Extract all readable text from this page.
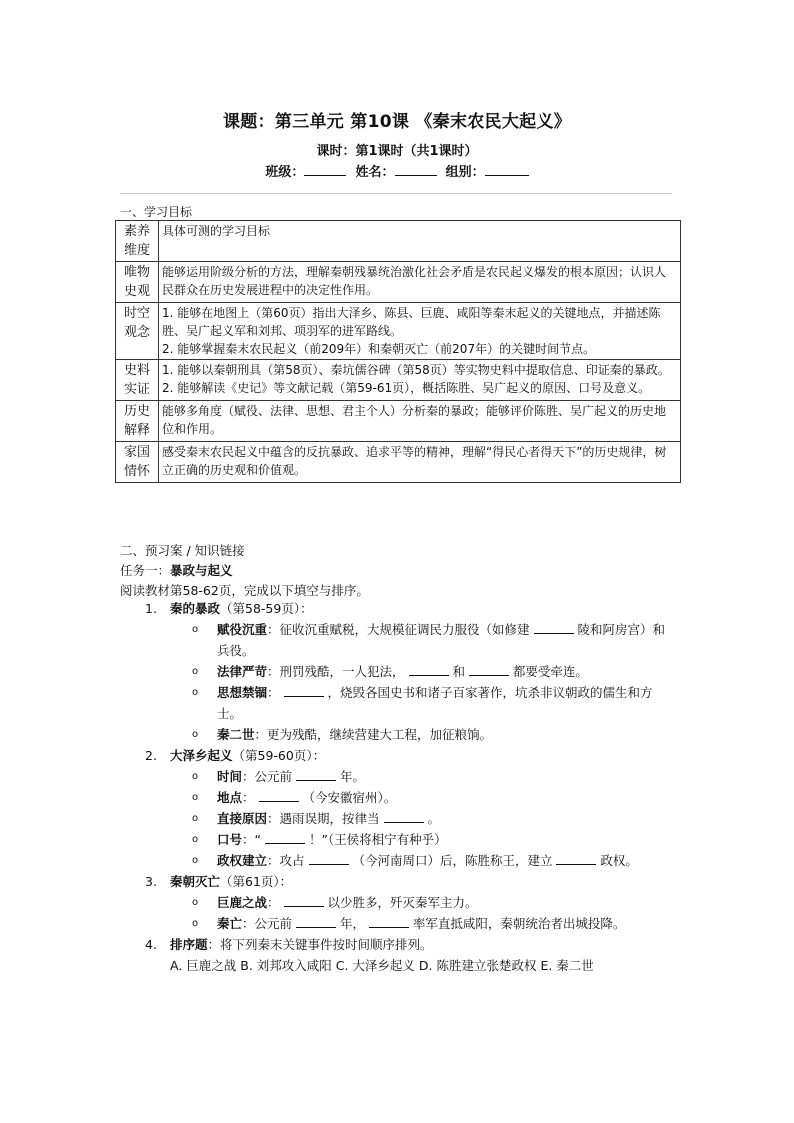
课题：第三单元 第10课 《秦末农民大起义》
课时：第1课时（共1课时）
班级：	姓名：	组别：
一、学习目标
素养维度	具体可测的学习目标
唯物史观	能够运用阶级分析的方法，理解秦朝残暴统治激化社会矛盾是农民起义爆发的根本原因；认识人民群众在历史发展进程中的决定性作用。

时空观念	1. 能够在地图上（第60页）指出大泽乡、陈县、巨鹿、咸阳等秦末起义的关键地点，并描述陈胜、吴广起义军和刘邦、项羽军的进军路线。
2. 能够掌握秦末农民起义（前209年）和秦朝灭亡（前207年）的关键时间节点。

史料实证	1. 能够以秦朝刑具（第58页）、秦坑儒谷碑（第58页）等实物史料中提取信息、印证秦的暴政。
2. 能够解读《史记》等文献记载（第59-61页），概括陈胜、吴广起义的原因、口号及意义。

历史解释	能够多角度（赋役、法律、思想、君主个人）分析秦的暴政；能够评价陈胜、吴广起义的历史地位和作用。

家国情怀	感受秦末农民起义中蕴含的反抗暴政、追求平等的精神，理解“得民心者得天下”的历史规律，树立正确的历史观和价值观。
二、预习案 / 知识链接
任务一：暴政与起义
阅读教材第58-62页，完成以下填空与排序。
1. 秦的暴政（第58-59页）：
o 赋役沉重：征收沉重赋税，大规模征调民力服役（如修建	陵和阿房宫）和兵役。
o 法律严苛：刑罚残酷，一人犯法，	和	都要受牵连。
o 思想禁锢：	，烧毁各国史书和诸子百家著作，坑杀非议朝政的儒生和方士。
o 秦二世：更为残酷，继续营建大工程，加征粮饷。
2. 大泽乡起义（第59-60页）：
o 时间：公元前	年。
o 地点：	（今安徽宿州）。
o 直接原因：遇雨误期，按律当	。
o 口号：“	！”（王侯将相宁有种乎）
o 政权建立：攻占	（今河南周口）后，陈胜称王，建立	政权。
3. 秦朝灭亡（第61页）：
o 巨鹿之战：	以少胜多，歼灭秦军主力。
o 秦亡：公元前	年，	率军直抵咸阳，秦朝统治者出城投降。
4. 排序题：将下列秦末关键事件按时间顺序排列。
A. 巨鹿之战 B. 刘邦攻入咸阳 C. 大泽乡起义 D. 陈胜建立张楚政权 E. 秦二世
